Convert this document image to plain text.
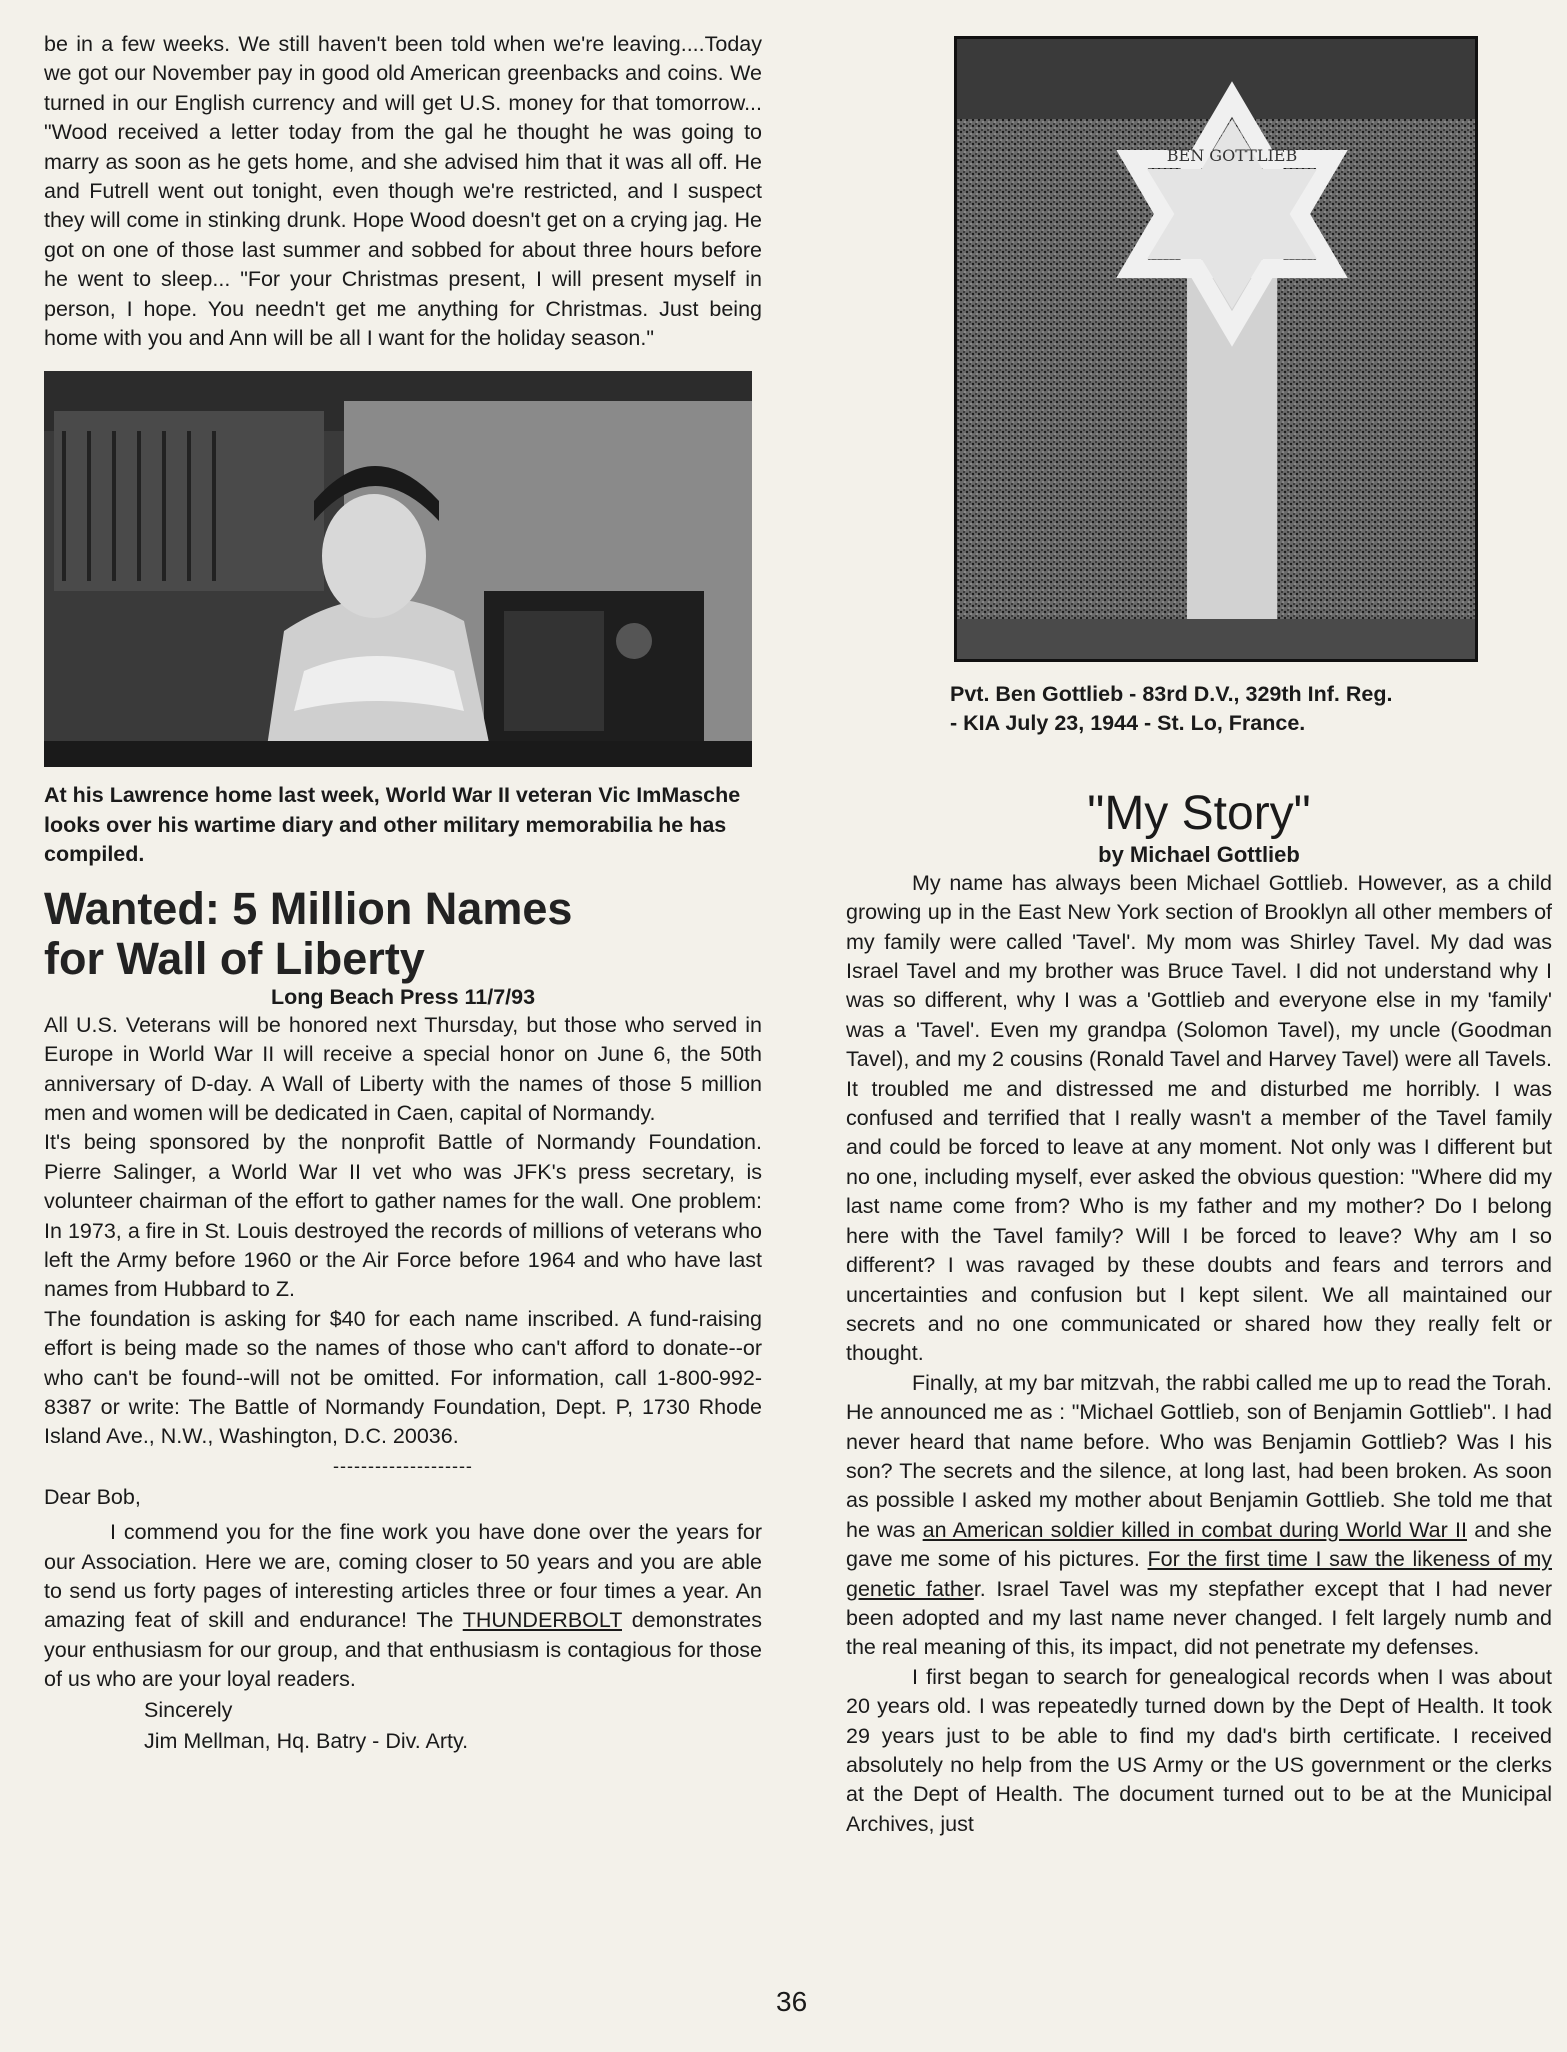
be in a few weeks. We still haven't been told when we're leaving....Today we got our November pay in good old American greenbacks and coins. We turned in our English currency and will get U.S. money for that tomorrow... "Wood received a letter today from the gal he thought he was going to marry as soon as he gets home, and she advised him that it was all off. He and Futrell went out tonight, even though we're restricted, and I suspect they will come in stinking drunk. Hope Wood doesn't get on a crying jag. He got on one of those last summer and sobbed for about three hours before he went to sleep... "For your Christmas present, I will present myself in person, I hope. You needn't get me anything for Christmas. Just being home with you and Ann will be all I want for the holiday season."

At his Lawrence home last week, World War II veteran Vic ImMasche looks over his wartime diary and other military memorabilia he has compiled.

Wanted: 5 Million Names

for Wall of Liberty

Long Beach Press 11/7/93

All U.S. Veterans will be honored next Thursday, but those who served in Europe in World War II will receive a special honor on June 6, the 50th anniversary of D-day. A Wall of Liberty with the names of those 5 million men and women will be dedicated in Caen, capital of Normandy.

It's being sponsored by the nonprofit Battle of Normandy Foundation. Pierre Salinger, a World War II vet who was JFK's press secretary, is volunteer chairman of the effort to gather names for the wall. One problem: In 1973, a fire in St. Louis destroyed the records of millions of veterans who left the Army before 1960 or the Air Force before 1964 and who have last names from Hubbard to Z.

The foundation is asking for $40 for each name inscribed. A fund-raising effort is being made so the names of those who can't afford to donate--or who can't be found--will not be omitted. For information, call 1-800-992-8387 or write: The Battle of Normandy Foundation, Dept. P, 1730 Rhode Island Ave., N.W., Washington, D.C. 20036.

--------------------

Dear Bob,

I commend you for the fine work you have done over the years for our Association. Here we are, coming closer to 50 years and you are able to send us forty pages of interesting articles three or four times a year. An amazing feat of skill and endurance! The THUNDERBOLT demonstrates your enthusiasm for our group, and that enthusiasm is contagious for those of us who are your loyal readers.

Sincerely
Jim Mellman, Hq. Batry - Div. Arty.
BEN GOTTLIEB

Pvt. Ben Gottlieb - 83rd D.V., 329th Inf. Reg.

- KIA July 23, 1944 - St. Lo, France.

"My Story"

by Michael Gottlieb

My name has always been Michael Gottlieb. However, as a child growing up in the East New York section of Brooklyn all other members of my family were called 'Tavel'. My mom was Shirley Tavel. My dad was Israel Tavel and my brother was Bruce Tavel. I did not understand why I was so different, why I was a 'Gottlieb and everyone else in my 'family' was a 'Tavel'. Even my grandpa (Solomon Tavel), my uncle (Goodman Tavel), and my 2 cousins (Ronald Tavel and Harvey Tavel) were all Tavels. It troubled me and distressed me and disturbed me horribly. I was confused and terrified that I really wasn't a member of the Tavel family and could be forced to leave at any moment. Not only was I different but no one, including myself, ever asked the obvious question: "Where did my last name come from? Who is my father and my mother? Do I belong here with the Tavel family? Will I be forced to leave? Why am I so different? I was ravaged by these doubts and fears and terrors and uncertainties and confusion but I kept silent. We all maintained our secrets and no one communicated or shared how they really felt or thought.

Finally, at my bar mitzvah, the rabbi called me up to read the Torah. He announced me as : "Michael Gottlieb, son of Benjamin Gottlieb". I had never heard that name before. Who was Benjamin Gottlieb? Was I his son? The secrets and the silence, at long last, had been broken. As soon as possible I asked my mother about Benjamin Gottlieb. She told me that he was an American soldier killed in combat during World War II and she gave me some of his pictures. For the first time I saw the likeness of my genetic father. Israel Tavel was my stepfather except that I had never been adopted and my last name never changed. I felt largely numb and the real meaning of this, its impact, did not penetrate my defenses.

I first began to search for genealogical records when I was about 20 years old. I was repeatedly turned down by the Dept of Health. It took 29 years just to be able to find my dad's birth certificate. I received absolutely no help from the US Army or the US government or the clerks at the Dept of Health. The document turned out to be at the Municipal Archives, just

36
